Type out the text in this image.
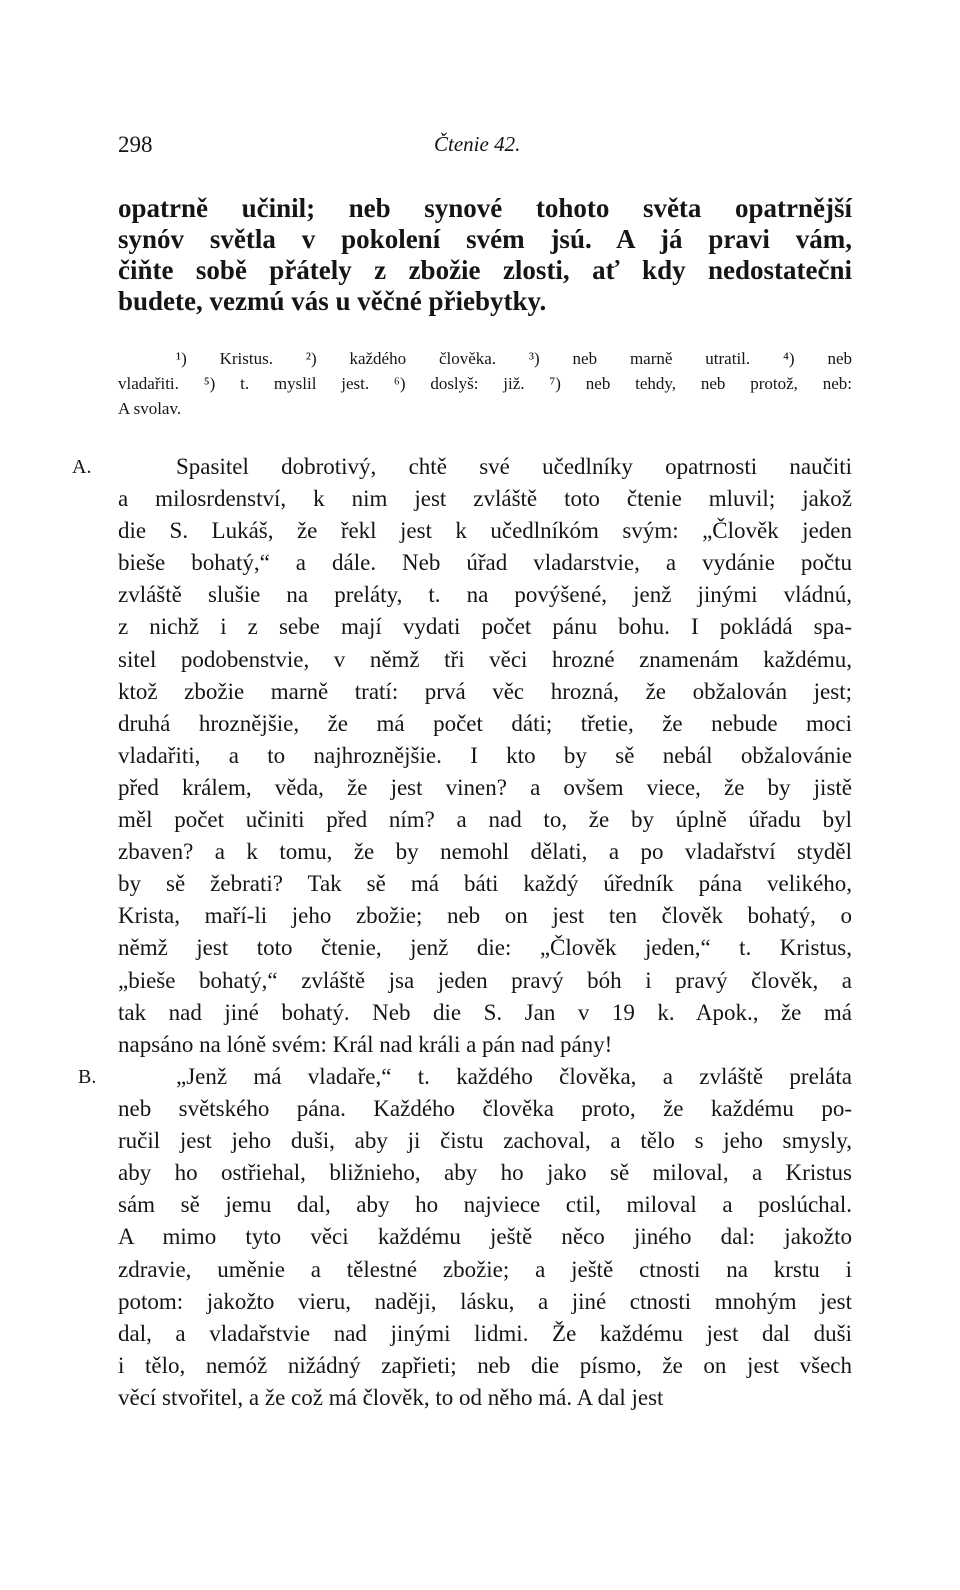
298	Čtenie 42.
opatrně učinil; neb synové tohoto světa opatrnější
synóv světla v pokolení svém jsú. A já pravi vám,
čiňte sobě přátely z zbožie zlosti, ať kdy nedostatečni
budete, vezmú vás u věčné přiebytky.
¹) Kristus. ²) každého člověka. ³) neb marně utratil. ⁴) neb
vladařiti. ⁵) t. myslil jest. ⁶) doslyš: již. ⁷) neb tehdy, neb protož, neb:
A svolav.
A.	Spasitel dobrotivý, chtě své učedlníky opatrnosti naučiti
a milosrdenství, k nim jest zvláště toto čtenie mluvil; jakož
die S. Lukáš, že řekl jest k učedlníkóm svým: „Člověk jeden
bieše bohatý,“ a dále. Neb úřad vladarstvie, a vydánie počtu
zvláště slušie na preláty, t. na povýšené, jenž jinými vládnú,
z nichž i z sebe mají vydati počet pánu bohu. I pokládá spa-
sitel podobenstvie, v němž tři věci hrozné znamenám každému,
ktož zbožie marně tratí: prvá věc hrozná, že obžalován jest;
druhá hroznějšie, že má počet dáti; třetie, že nebude moci
vladařiti, a to najhroznějšie. I kto by sě nebál obžalovánie
před králem, věda, že jest vinen? a ovšem viece, že by jistě
měl počet učiniti před ním? a nad to, že by úplně úřadu byl
zbaven? a k tomu, že by nemohl dělati, a po vladařství styděl
by sě žebrati? Tak sě má báti každý úředník pána velikého,
Krista, maří-li jeho zbožie; neb on jest ten člověk bohatý, o
němž jest toto čtenie, jenž die: „Člověk jeden,“ t. Kristus,
„bieše bohatý,“ zvláště jsa jeden pravý bóh i pravý člověk, a
tak nad jiné bohatý. Neb die S. Jan v 19 k. Apok., že má
napsáno na lóně svém: Král nad králi a pán nad pány!
B.	„Jenž má vladaře,“ t. každého člověka, a zvláště preláta
neb světského pána. Každého člověka proto, že každému po-
ručil jest jeho duši, aby ji čistu zachoval, a tělo s jeho smysly,
aby ho ostřiehal, bližnieho, aby ho jako sě miloval, a Kristus
sám sě jemu dal, aby ho najviece ctil, miloval a poslúchal.
A mimo tyto věci každému ještě něco jiného dal: jakožto
zdravie, uměnie a tělestné zbožie; a ještě ctnosti na krstu i
potom: jakožto vieru, naději, lásku, a jiné ctnosti mnohým jest
dal, a vladařstvie nad jinými lidmi. Že každému jest dal duši
i tělo, nemóž nižádný zapřieti; neb die písmo, že on jest všech
věcí stvořitel, a že což má člověk, to od něho má. A dal jest
